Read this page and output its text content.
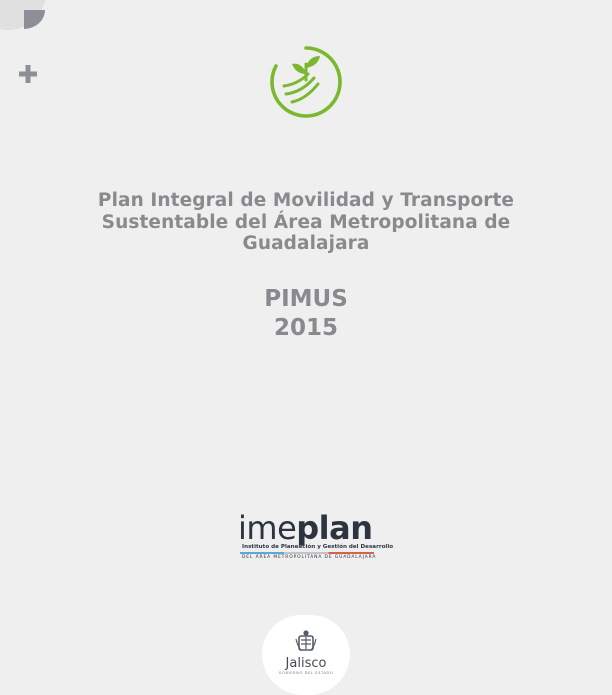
Plan Integral de Movilidad y Transporte
Sustentable del Área Metropolitana de
Guadalajara
PIMUS
2015
imeplan
Instituto de Planeación y Gestión del Desarrollo
DEL ÁREA METROPOLITANA DE GUADALAJARA
Jalisco
GOBIERNO DEL ESTADO
